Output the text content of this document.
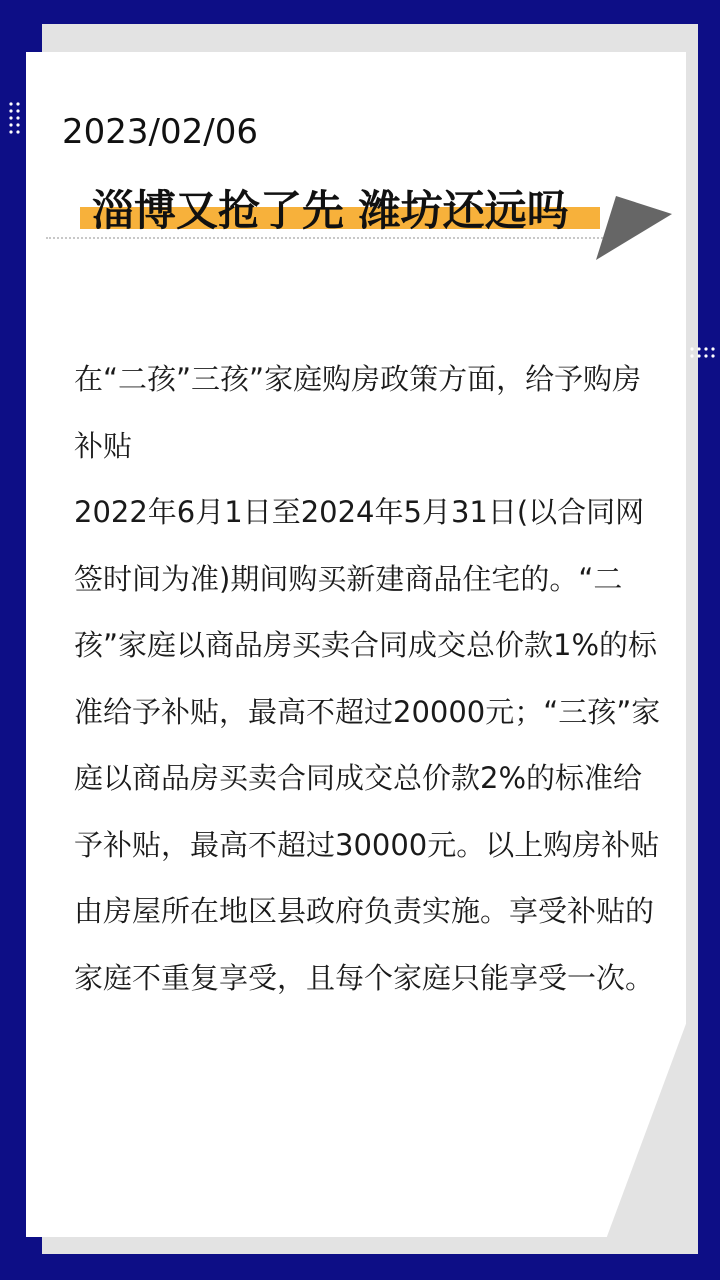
2023/02/06
淄博又抢了先 潍坊还远吗

在“二孩”三孩”家庭购房政策方面，给予购房补贴

2022年6月1日至2024年5月31日(以合同网签时间为准)期间购买新建商品住宅的。“二孩”家庭以商品房买卖合同成交总价款1%的标准给予补贴，最高不超过20000元；“三孩”家庭以商品房买卖合同成交总价款2%的标准给予补贴，最高不超过30000元。以上购房补贴由房屋所在地区县政府负责实施。享受补贴的家庭不重复享受，且每个家庭只能享受一次。
